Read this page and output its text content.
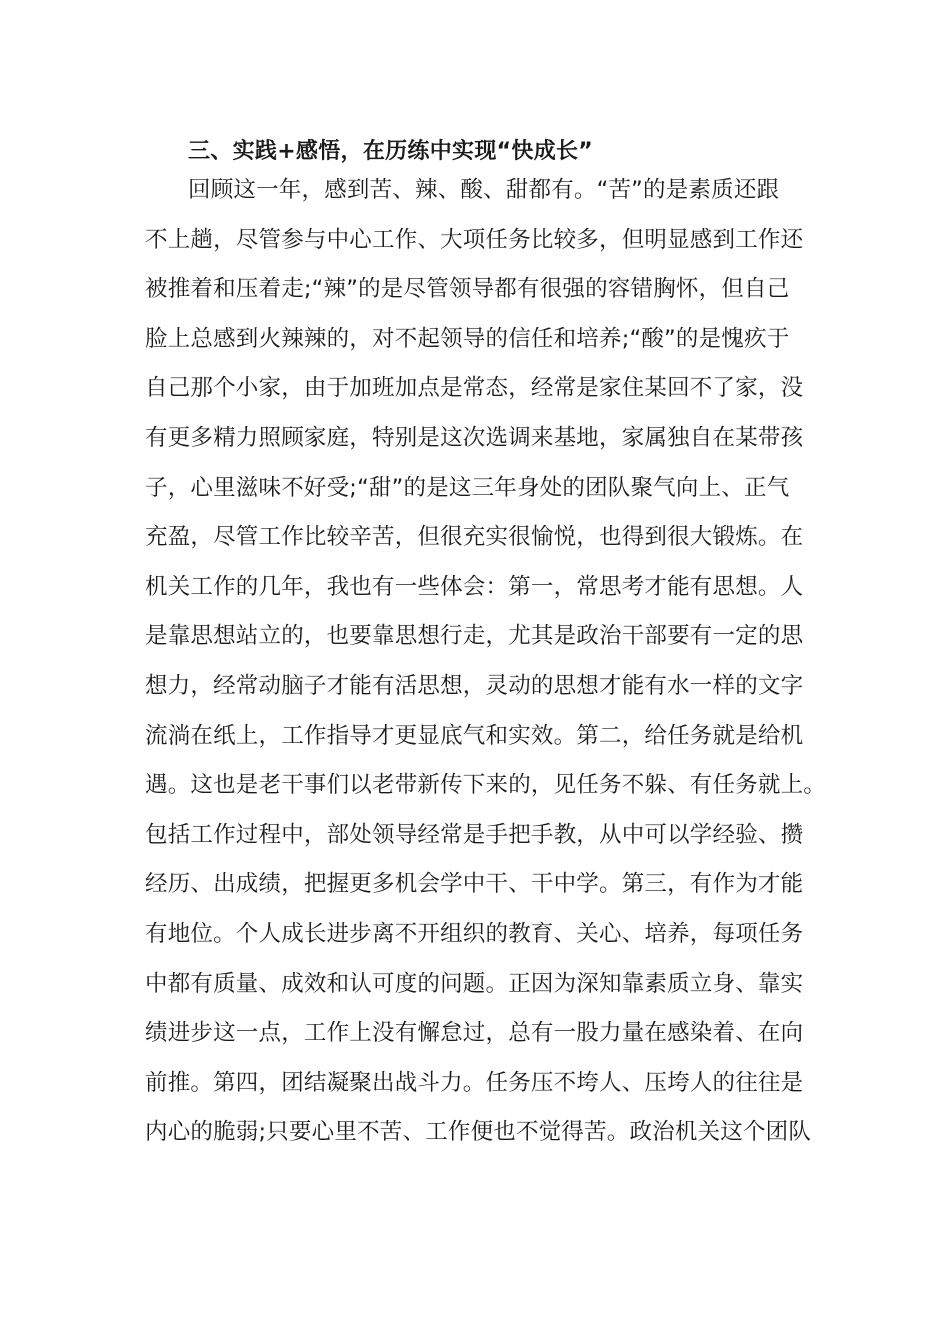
三、实践+感悟，在历练中实现“快成长”
回顾这一年，感到苦、辣、酸、甜都有。“苦”的是素质还跟
不上趟，尽管参与中心工作、大项任务比较多，但明显感到工作还
被推着和压着走;“辣”的是尽管领导都有很强的容错胸怀，但自己
脸上总感到火辣辣的，对不起领导的信任和培养;“酸”的是愧疚于
自己那个小家，由于加班加点是常态，经常是家住某回不了家，没
有更多精力照顾家庭，特别是这次选调来基地，家属独自在某带孩
子，心里滋味不好受;“甜”的是这三年身处的团队聚气向上、正气
充盈，尽管工作比较辛苦，但很充实很愉悦，也得到很大锻炼。在
机关工作的几年，我也有一些体会：第一，常思考才能有思想。人
是靠思想站立的，也要靠思想行走，尤其是政治干部要有一定的思
想力，经常动脑子才能有活思想，灵动的思想才能有水一样的文字
流淌在纸上，工作指导才更显底气和实效。第二，给任务就是给机
遇。这也是老干事们以老带新传下来的，见任务不躲、有任务就上。
包括工作过程中，部处领导经常是手把手教，从中可以学经验、攒
经历、出成绩，把握更多机会学中干、干中学。第三，有作为才能
有地位。个人成长进步离不开组织的教育、关心、培养，每项任务
中都有质量、成效和认可度的问题。正因为深知靠素质立身、靠实
绩进步这一点，工作上没有懈怠过，总有一股力量在感染着、在向
前推。第四，团结凝聚出战斗力。任务压不垮人、压垮人的往往是
内心的脆弱;只要心里不苦、工作便也不觉得苦。政治机关这个团队
